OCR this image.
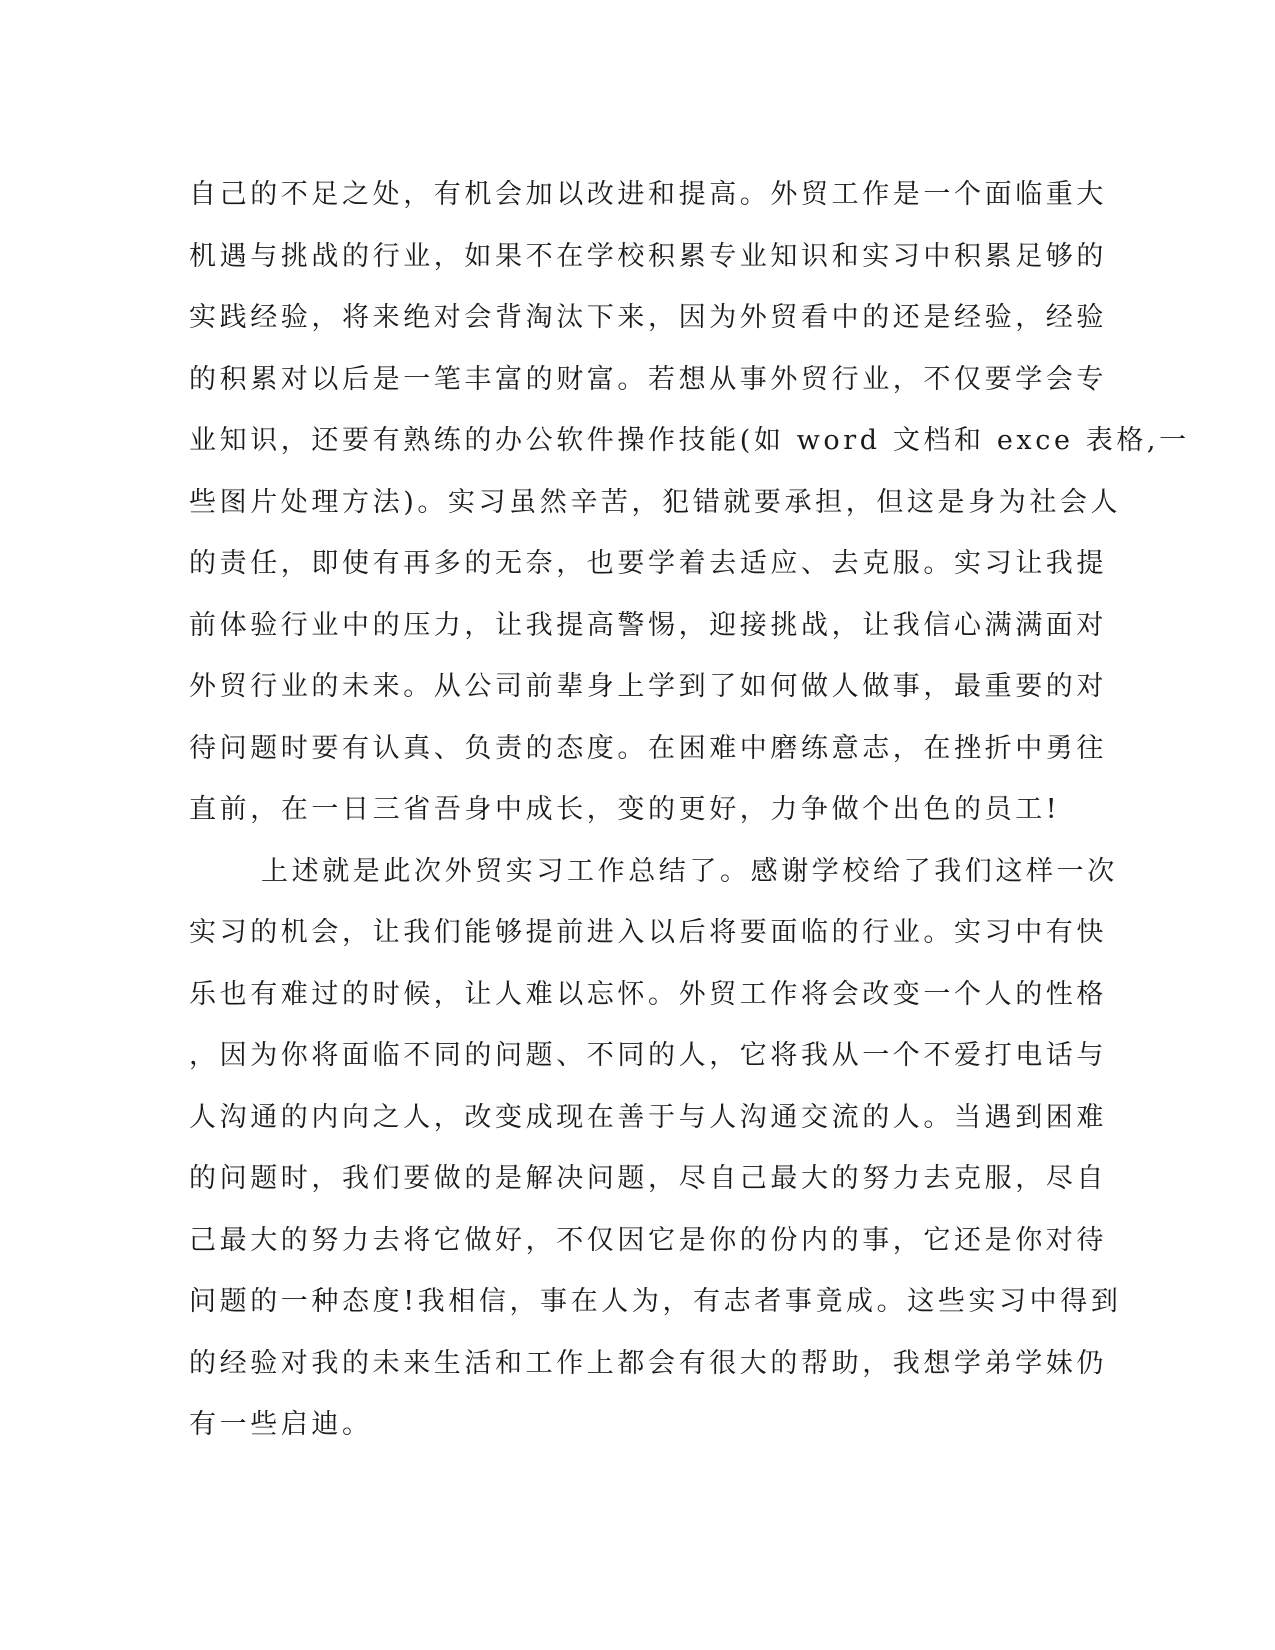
自己的不足之处，有机会加以改进和提高。外贸工作是一个面临重大
机遇与挑战的行业，如果不在学校积累专业知识和实习中积累足够的
实践经验，将来绝对会背淘汰下来，因为外贸看中的还是经验，经验
的积累对以后是一笔丰富的财富。若想从事外贸行业，不仅要学会专
业知识，还要有熟练的办公软件操作技能(如 word 文档和 exce 表格,一
些图片处理方法)。实习虽然辛苦，犯错就要承担，但这是身为社会人
的责任，即使有再多的无奈，也要学着去适应、去克服。实习让我提
前体验行业中的压力，让我提高警惕，迎接挑战，让我信心满满面对
外贸行业的未来。从公司前辈身上学到了如何做人做事，最重要的对
待问题时要有认真、负责的态度。在困难中磨练意志，在挫折中勇往
直前，在一日三省吾身中成长，变的更好，力争做个出色的员工!
上述就是此次外贸实习工作总结了。感谢学校给了我们这样一次
实习的机会，让我们能够提前进入以后将要面临的行业。实习中有快
乐也有难过的时候，让人难以忘怀。外贸工作将会改变一个人的性格
，因为你将面临不同的问题、不同的人，它将我从一个不爱打电话与
人沟通的内向之人，改变成现在善于与人沟通交流的人。当遇到困难
的问题时，我们要做的是解决问题，尽自己最大的努力去克服，尽自
己最大的努力去将它做好，不仅因它是你的份内的事，它还是你对待
问题的一种态度!我相信，事在人为，有志者事竟成。这些实习中得到
的经验对我的未来生活和工作上都会有很大的帮助，我想学弟学妹仍
有一些启迪。
